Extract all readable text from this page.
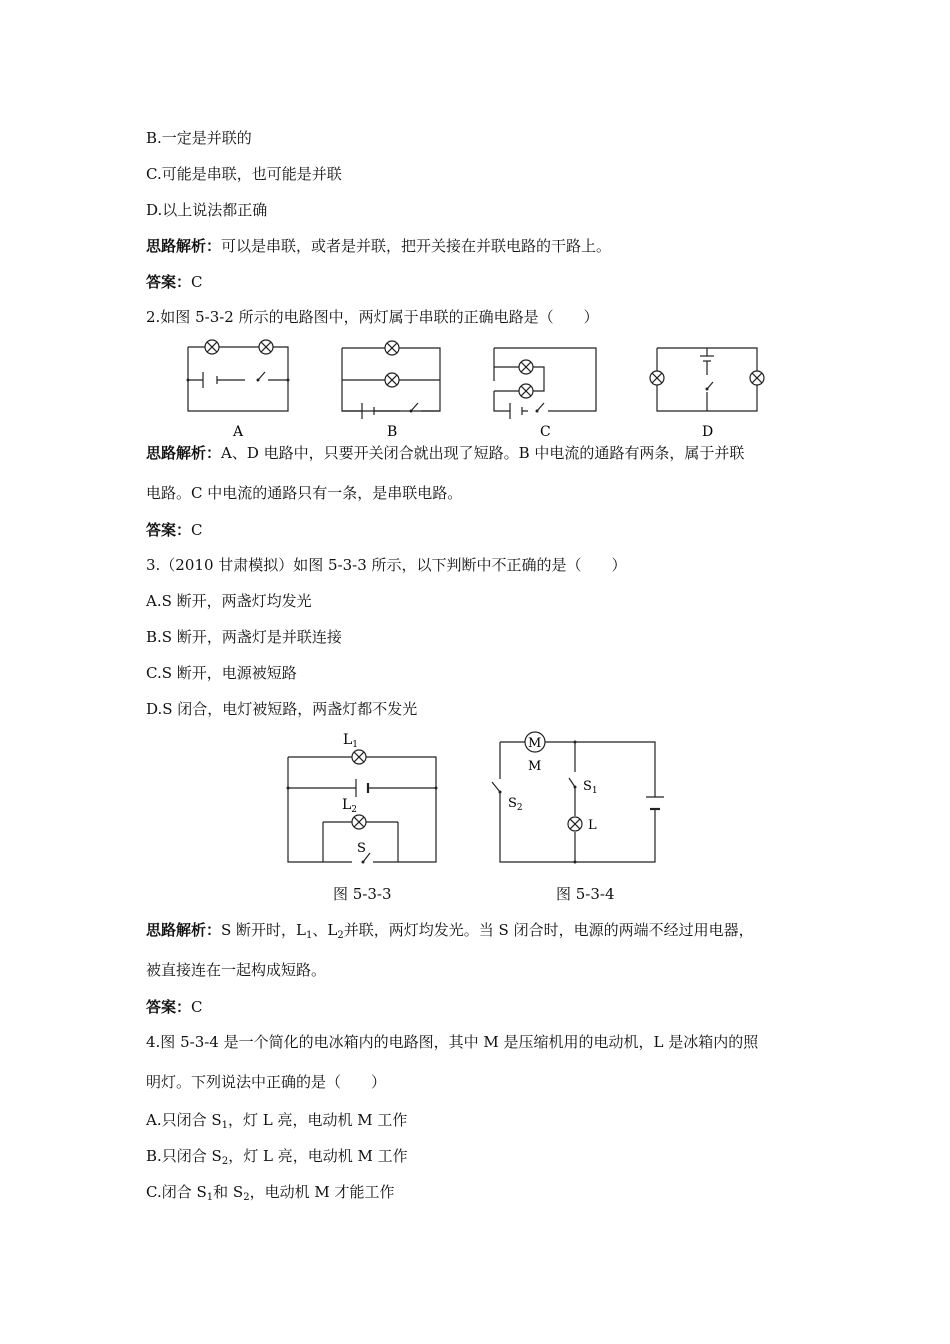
B.一定是并联的
C.可能是串联，也可能是并联
D.以上说法都正确
思路解析：可以是串联，或者是并联，把开关接在并联电路的干路上。
答案：C
2.如图 5-3-2 所示的电路图中，两灯属于串联的正确电路是（　　）
A	B	C	D
$L_1$
$L_2$
S
M
M
$S_1$
$S_2$
L
思路解析：A、D 电路中，只要开关闭合就出现了短路。B 中电流的通路有两条，属于并联
电路。C 中电流的通路只有一条，是串联电路。
答案：C
3.（2010 甘肃模拟）如图 5-3-3 所示，以下判断中不正确的是（　　）
A.S 断开，两盏灯均发光
B.S 断开，两盏灯是并联连接
C.S 断开，电源被短路
D.S 闭合，电灯被短路，两盏灯都不发光
图 5-3-3	图 5-3-4
思路解析：S 断开时，$L_1$、$L_2$并联，两灯均发光。当 S 闭合时，电源的两端不经过用电器，
被直接连在一起构成短路。
答案：C
4.图 5-3-4 是一个简化的电冰箱内的电路图，其中 M 是压缩机用的电动机，L 是冰箱内的照
明灯。下列说法中正确的是（　　）
A.只闭合 $S_1$，灯 L 亮，电动机 M 工作
B.只闭合 $S_2$，灯 L 亮，电动机 M 工作
C.闭合 $S_1$和 $S_2$，电动机 M 才能工作
